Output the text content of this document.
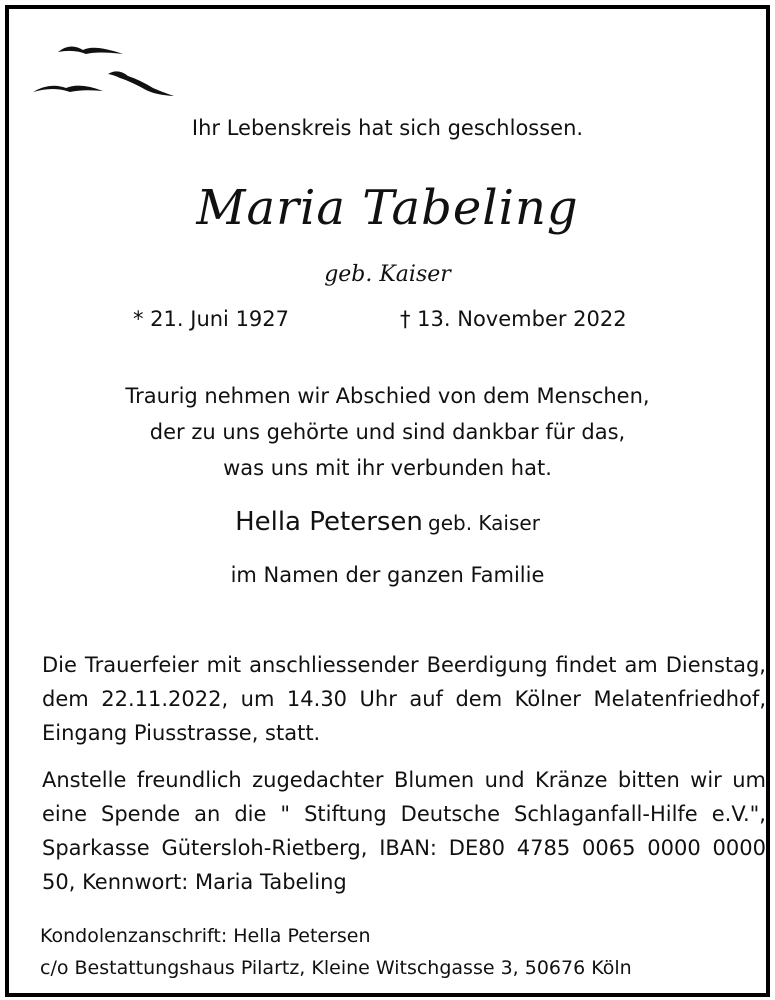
Ihr Lebenskreis hat sich geschlossen.
Maria Tabeling
geb. Kaiser
* 21. Juni 1927	† 13. November 2022
Traurig nehmen wir Abschied von dem Menschen,
der zu uns gehörte und sind dankbar für das,
was uns mit ihr verbunden hat.
Hella Petersen geb. Kaiser
im Namen der ganzen Familie
Die Trauerfeier mit anschliessender Beerdigung findet am Dienstag, dem 22.11.2022, um 14.30 Uhr auf dem Kölner Melatenfriedhof, Eingang Piusstrasse, statt.
Anstelle freundlich zugedachter Blumen und Kränze bitten wir um eine Spende an die " Stiftung Deutsche Schlaganfall-Hilfe e.V.", Sparkasse Gütersloh-Rietberg, IBAN: DE80 4785 0065 0000 0000 50, Kennwort: Maria Tabeling
Kondolenzanschrift: Hella Petersen
c/o Bestattungshaus Pilartz, Kleine Witschgasse 3, 50676 Köln
